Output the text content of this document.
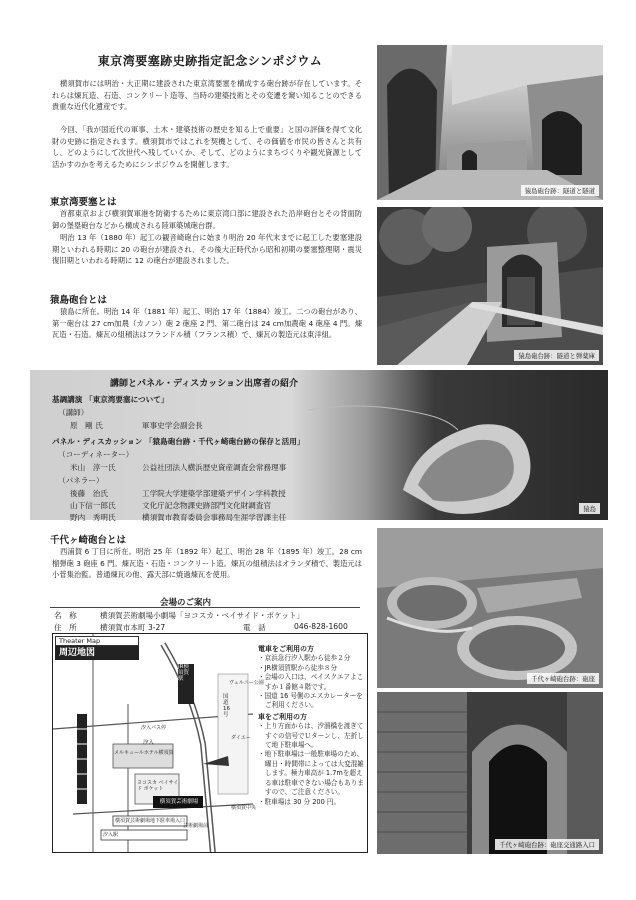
東京湾要塞跡史跡指定記念シンポジウム

横須賀市には明治・大正期に建設された東京湾要塞を構成する砲台跡が存在しています。それらは煉瓦造、石造、コンクリート造等、当時の建築技術とその変遷を窺い知ることのできる貴重な近代化遺産です。

今回、「我が国近代の軍事、土木・建築技術の歴史を知る上で重要」と国の評価を得て文化財の史跡に指定されます。横須賀市ではこれを契機として、その価値を市民の皆さんと共有し、どのようにして次世代へ残していくか、そして、どのようにまちづくりや観光資源として活かすのかを考えるためにシンポジウムを開催します。

東京湾要塞とは

首都東京および横須賀軍港を防衛するために東京湾口部に建設された沿岸砲台とその背面防御の堡塁砲台などから構成される陸軍築城砲台群。

明治 13 年（1880 年）起工の観音崎砲台に始まり明治 20 年代末までに起工した要塞建設期といわれる時期に 20 の砲台が建設され、その後大正時代から昭和初期の要塞整理期・震災復旧期といわれる時期に 12 の砲台が建設されました。

猿島砲台とは

猿島に所在。明治 14 年（1881 年）起工、明治 17 年（1884）竣工。二つの砲台があり、第一砲台は 27 cm加農（カノン）砲 2 砲座 2 門、第二砲台は 24 cm加農砲 4 砲座 4 門。煉瓦造・石造。煉瓦の組積法はフランドル積（フランス積）で、煉瓦の製造元は東洋組。

猿島砲台跡：隧道と隧道
猿島砲台跡：隧道と弾薬庫
猿島
講師とパネル・ディスカッション出席者の紹介
基調講演 「東京湾要塞について」
（講師）
原　剛 氏	軍事史学会副会長
パネル・ディスカッション 「猿島砲台跡・千代ヶ崎砲台跡の保存と活用」
（コーディネーター）
米山　淳一氏	公益社団法人横浜歴史資産調査会常務理事
（パネラー）
後藤　治氏	工学院大学建築学部建築デザイン学科教授
山下信一郎氏	文化庁記念物課史跡部門文化財調査官
野内　秀明氏	横須賀市教育委員会事務局生涯学習課主任
千代ヶ崎砲台とは

西浦賀 6 丁目に所在。明治 25 年（1892 年）起工、明治 28 年（1895 年）竣工。28 cm榴弾砲 3 砲座 6 門。煉瓦造・石造・コンクリート造。煉瓦の組積法はオランダ積で、製造元は小菅集治監。普通煉瓦の他、露天部に焼過煉瓦を使用。

千代ヶ崎砲台跡：砲座
千代ヶ崎砲台跡：砲座交通路入口
会場のご案内
名　称	横須賀芸術劇場小劇場「ヨコスカ・ベイサイド・ポケット」
住　所	横須賀市本町 3-27	電　話	046-828-1600
Theater Map
周辺地図
京急汐入駅
JR横須賀駅
横須賀芸術劇場
メルキュールホテル横須賀
汐入
ヨコスカ ベイサイド ポケット
国道16号
横須賀芸術劇場地下駐車場入口
汐入駅
ダイエー
ヴェルニー公園
横須賀中央
汐入バス停
芸術劇場前
電車をご利用の方
・京浜急行汐入駅から徒歩２分
・JR横須賀駅から徒歩８分
・会場の入口は、ベイスクエアよこすか１番館４階です。
・国道 16 号側のエスカレーターをご利用ください。
車をご利用の方
・上り方面からは、汐溜橋を渡ぎてすぐの信号でＵターンし、左折して地下駐車場へ。
・地下駐車場は一般駐車場のため、曜日・時間帯によっては大変混雑します。極力車高が 1.7mを超える車は駐車できない場合もありますので、ご注意ください。
・駐車場は 30 分 200 円。
